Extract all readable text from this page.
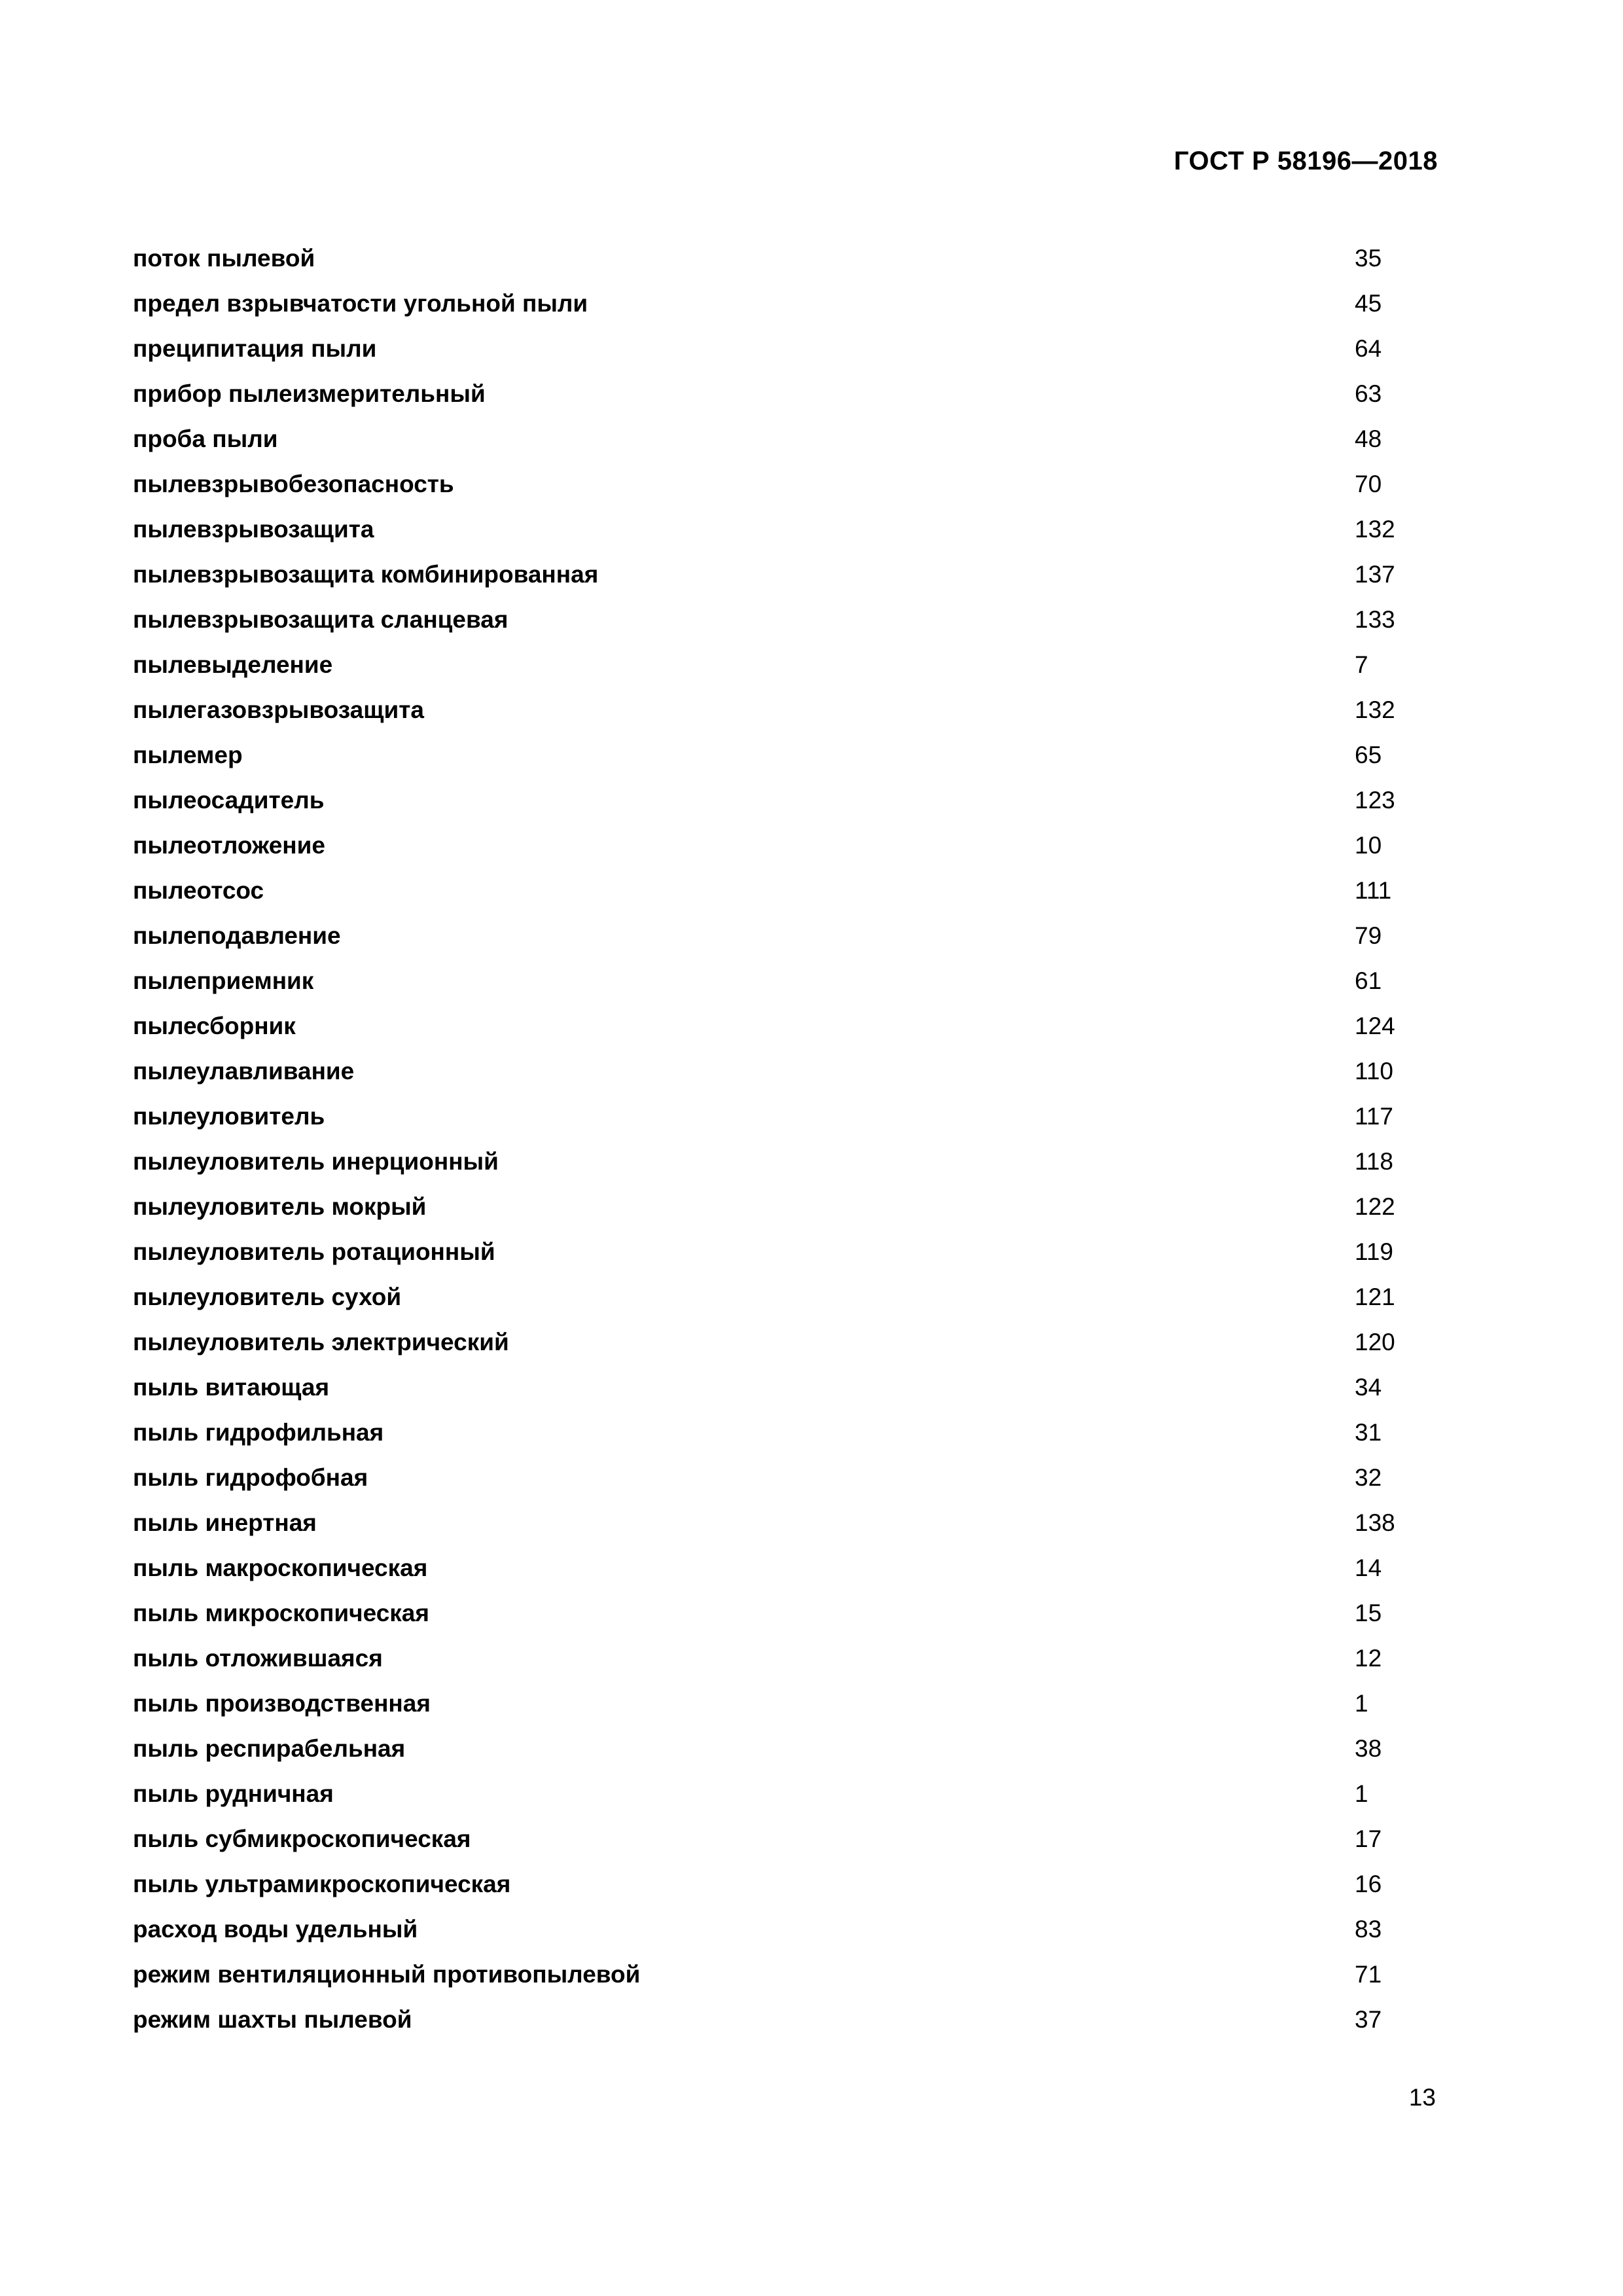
ГОСТ Р 58196—2018
поток пылевой	35
предел взрывчатости угольной пыли	45
преципитация пыли	64
прибор пылеизмерительный	63
проба пыли	48
пылевзрывобезопасность	70
пылевзрывозащита	132
пылевзрывозащита комбинированная	137
пылевзрывозащита сланцевая	133
пылевыделение	7
пылегазовзрывозащита	132
пылемер	65
пылеосадитель	123
пылеотложение	10
пылеотсос	111
пылеподавление	79
пылеприемник	61
пылесборник	124
пылеулавливание	110
пылеуловитель	117
пылеуловитель инерционный	118
пылеуловитель мокрый	122
пылеуловитель ротационный	119
пылеуловитель сухой	121
пылеуловитель электрический	120
пыль витающая	34
пыль гидрофильная	31
пыль гидрофобная	32
пыль инертная	138
пыль макроскопическая	14
пыль микроскопическая	15
пыль отложившаяся	12
пыль производственная	1
пыль респирабельная	38
пыль рудничная	1
пыль субмикроскопическая	17
пыль ультрамикроскопическая	16
расход воды удельный	83
режим вентиляционный противопылевой	71
режим шахты пылевой	37
13
